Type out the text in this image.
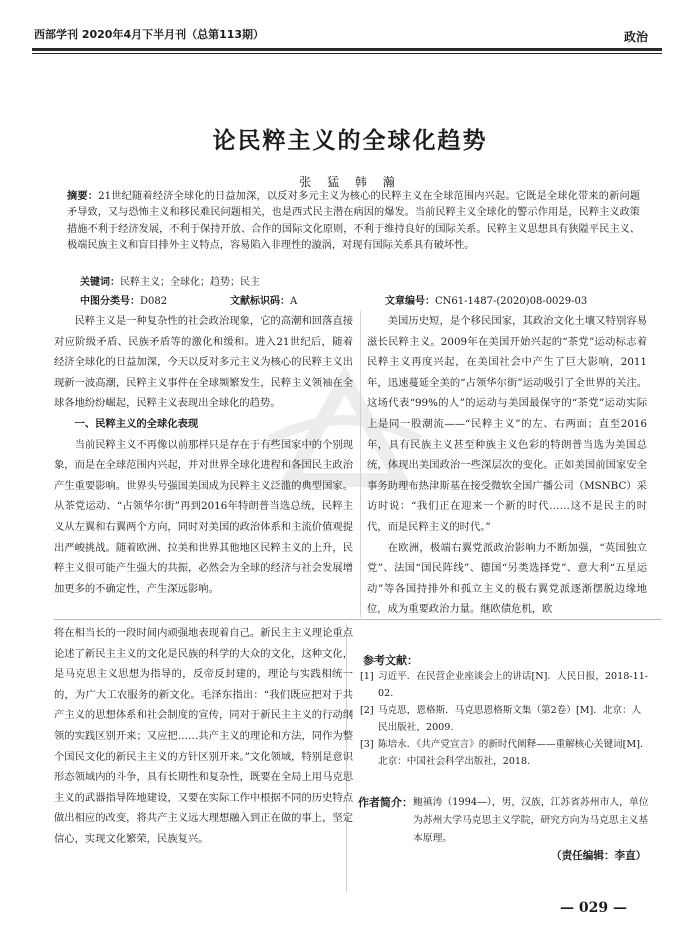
西部学刊 2020年4月下半月刊（总第113期）	政治
论民粹主义的全球化趋势
张 猛 韩 瀚
摘要：21世纪随着经济全球化的日益加深，以反对多元主义为核心的民粹主义在全球范围内兴起。它既是全球化带来的新问题矛导致，又与恐怖主义和移民难民问题相关，也是西式民主潜在病因的爆发。当前民粹主义全球化的警示作用是，民粹主义政策措施不利于经济发展，不利于保持开放、合作的国际文化原则，不利于维持良好的国际关系。民粹主义思想具有狭隘平民主义、极端民族主义和盲目排外主义特点，容易陷入非理性的漩涡，对现有国际关系具有破坏性。
关键词：民粹主义；全球化；趋势；民主
中图分类号：D082	文献标识码：A	文章编号：CN61-1487-(2020)08-0029-03

民粹主义是一种复杂性的社会政治现象，它的高潮和回落直接对应阶级矛盾、民族矛盾等的激化和缓和。进入21世纪后，随着经济全球化的日益加深，今天以反对多元主义为核心的民粹主义出现新一波高潮，民粹主义事件在全球频繁发生，民粹主义领袖在全球各地纷纷崛起，民粹主义表现出全球化的趋势。

一、民粹主义的全球化表现

当前民粹主义不再像以前那样只是存在于有些国家中的个别现象，而是在全球范围内兴起，并对世界全球化进程和各国民主政治产生重要影响。世界头号强国美国成为民粹主义泛滥的典型国家。从茶党运动、“占领华尔街”再到2016年特朗普当选总统，民粹主义从左翼和右翼两个方向，同时对美国的政治体系和主流价值观提出严峻挑战。随着欧洲、拉美和世界其他地区民粹主义的上升，民粹主义很可能产生强大的共振，必然会为全球的经济与社会发展增加更多的不确定性，产生深远影响。

美国历史短，是个移民国家，其政治文化土壤又特别容易滋长民粹主义。2009年在美国开始兴起的“茶党”运动标志着民粹主义再度兴起，在美国社会中产生了巨大影响，2011年，迅速蔓延全美的“占领华尔街”运动吸引了全世界的关注。这场代表“99%的人”的运动与美国最保守的“茶党”运动实际上是同一股潮流——“民粹主义”的左、右两面；直至2016年，具有民族主义甚至种族主义色彩的特朗普当选为美国总统，体现出美国政治一些深层次的变化。正如美国前国家安全事务助理布热津斯基在接受微软全国广播公司（MSNBC）采访时说：“我们正在迎来一个新的时代……这不是民主的时代，而是民粹主义的时代。”

在欧洲，极端右翼党派政治影响力不断加强，“英国独立党”、法国“国民阵线”、德国“另类选择党”、意大利“五星运动”等各国持排外和孤立主义的极右翼党派逐渐摆脱边缘地位，成为重要政治力量。继欧债危机，欧

将在相当长的一段时间内顽强地表现着自己。新民主主义理论重点论述了新民主主义的文化是民族的科学的大众的文化，这种文化，是马克思主义思想为指导的，反帝反封建的，理论与实践相统一的，为广大工农服务的新文化。毛泽东指出：“我们既应把对于共产主义的思想体系和社会制度的宣传，同对于新民主主义的行动纲领的实践区别开来；又应把……共产主义的理论和方法，同作为整个国民文化的新民主主义的方针区别开来。”文化领域，特别是意识形态领域内的斗争，具有长期性和复杂性，既要在全局上用马克思主义的武器指导阵地建设，又要在实际工作中根据不同的历史特点做出相应的改变，将共产主义远大理想融入到正在做的事上，坚定信心，实现文化繁荣，民族复兴。

参考文献：
[1] 习近平．在民营企业座谈会上的讲话[N]．人民日报，2018-11-02.
[2] 马克思，恩格斯．马克思恩格斯文集（第2卷）[M]．北京：人民出版社，2009.
[3] 陈培永．《共产党宣言》的新时代阐释——重解核心关键词[M]．北京：中国社会科学出版社，2018.
作者简介： 鲍禛涛（1994—），男，汉族，江苏省苏州市人，单位为苏州大学马克思主义学院，研究方向为马克思主义基本原理。
（责任编辑：李直）
— 029 —
